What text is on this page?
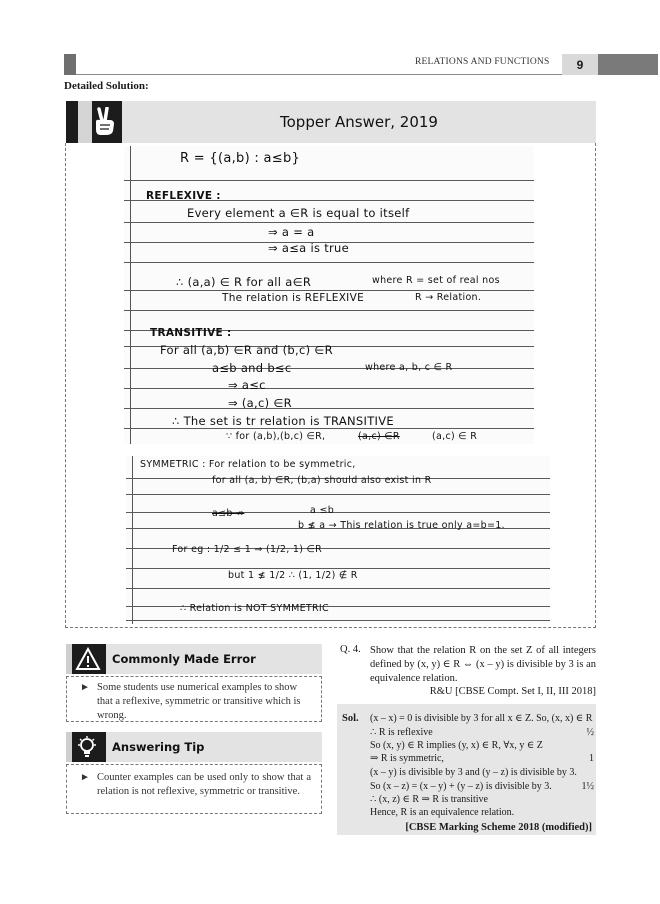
RELATIONS AND FUNCTIONS	9
Detailed Solution:
Topper Answer, 2019
R = {(a,b) : a≤b}
REFLEXIVE :
Every element a ∈R is equal to itself
⇒ a = a
⇒ a≤a is true
∴ (a,a) ∈ R for all a∈R	where R = set of real nos
The relation is REFLEXIVE	R → Relation.
TRANSITIVE :
For all (a,b) ∈R and (b,c) ∈R
a≤b and b≤c	where a, b, c ∈ R
⇒ a≤c
⇒ (a,c) ∈R
∴ The set is tr relation is TRANSITIVE
∵ for (a,b),(b,c) ∈R,	(a,c) ∈R	(a,c) ∈ R
SYMMETRIC : For relation to be symmetric,
for all (a, b) ∈R, (b,a) should also exist in R
a≤b ⇏	a ≤b
b ≰ a → This relation is true only a=b=1.
For eg : 1/2 ≤ 1 ⇒ (1/2, 1) ∈R
but 1 ≰ 1/2 ∴ (1, 1/2) ∉ R
∴ Relation is NOT SYMMETRIC
Commonly Made Error
► Some students use numerical examples to show that a reflexive, symmetric or transitive which is wrong.
Answering Tip
► Counter examples can be used only to show that a relation is not reflexive, symmetric or transitive.
Q. 4. Show that the relation R on the set Z of all integers defined by (x, y) ∈ R ⇔ (x – y) is divisible by 3 is an equivalence relation.
R&U [CBSE Compt. Set I, II, III 2018]
Sol. (x – x) = 0 is divisible by 3 for all x ∈ Z. So, (x, x) ∈ R
∴ R is reflexive	½
So (x, y) ∈ R implies (y, x) ∈ R, ∀x, y ∈ Z
⇒ R is symmetric,	1
(x – y) is divisible by 3 and (y – z) is divisible by 3.
So (x – z) = (x – y) + (y – z) is divisible by 3.	1½
∴ (x, z) ∈ R ⇒ R is transitive
Hence, R is an equivalence relation.
[CBSE Marking Scheme 2018 (modified)]
